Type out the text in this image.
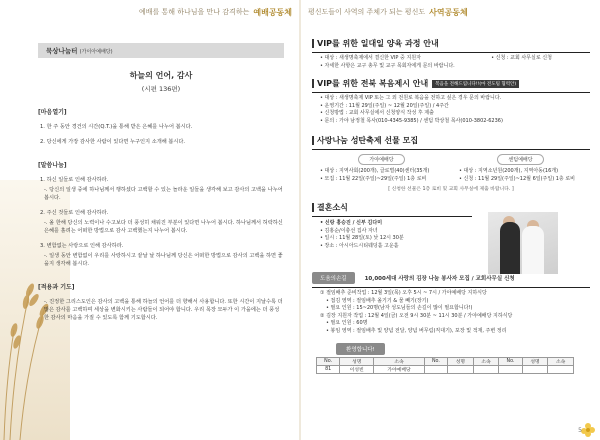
예배를 통해 하나님을 만나 감격하는 예배공동체 평신도들이 사역의 주체가 되는 평신도 사역공동체
묵상나눔터 (가이아예배당)
하늘의 언어, 감사
(시편 136편)
[마음열기]
1. 한 주 동안 경건의 시간(Q.T.)을 통해 받은 은혜를 나누어 봅시다.
2. 당신에게 가장 감사한 사람이 있다면 누구인지 소개해 봅시다.
[말씀나눔]
1. 하신 일들로 인해 감사하라.
-. 당신의 일생 중에 하나님께서 행하셨다 고백할 수 있는 놀라운 일들을 생각해 보고 감사의 고백을 나누어 봅시다.
2. 주신 것들로 인해 감사하라.
-. 올 한해 당신의 노력이나 수고보다 더 풍성히 채워진 부분이 있다면 나누어 봅시다. 하나님께서 허락하신 은혜를 흘려는 어떠한 방법으로 감사 고백했는지 나누어 봅시다.
3. 변함없는 사랑으로 인해 감사하라.
-. 일생 동안 변함없이 우리를 사랑하시고 끝날 날 하나님께 당신은 어떠한 방법으로 감사의 고백을 하면 좋을지 생각해 봅시다.
[적용과 기도]
-. 진정한 그리스도인은 감사의 고백을 통해 하늘의 언어를 더 향해서 사용합니다. 또한 시간이 지날수록 더 많은 감사를 고백하며 세상을 변화시키는 사람들이 되어야 합니다. 우리 목장 모두가 이 가을에는 더 풍성한 감사의 마음을 가질 수 있도록 함께 기도합시다.
VIP를 위한 일대일 양육 과정 안내
• 대상 : 새생명축제에서 결신한 VIP 중 지원자
• 자세한 사항은 교구 총무 및 교구 목회자에게 문의 바랍니다.
• 신청 : 교회 사무실로 신청
VIP를 위한 전북 복음제시 안내	복음을 전해드립니다!!(마 전도팀 협력안)
• 대상 : 새생명축제 VIP 또는 그 외 전원로 복음을 전하고 싶은 경우 문의 바랍니다.
• 운영기간 : 11월 29일(주일) ~ 12월 20일(주일) / 4주간
• 신청방법 : 교회 사무실에서 신청양식 작성 후 제출
• 문의 : 가야 남정철 목사(010-4345-9385) / 센텀 박상철 목사(010-3802-6236)
사랑나눔 성탄축제 선물 모집
가야예배당	센텀예배당
• 대상 : 지역사회(200개), 글로벌(40)센터(35개)
• 모집 : 11월 22일(주일)~29일(주일) 1층 로비
• 대상 : 지역소년원(200개), 지역아동(16개)
• 신청 : 11월 29일(주일)~12월 6일(주일) 1층 로비
[ 신청한 선물은 1층 로비 및 교회 사무실에 제출 바랍니다. ]
결혼소식
• 신랑 홍승진 / 신부 김다미
• 김홍순/이충선 집사 자녀
• 일시 : 11월 28일(토) 낮 12시 30분
• 장소 : 아시아드시티웨딩홀 고운홀
도움의손길	10,000세대 사랑의 김장 나눔 봉사자 모집 / 교회사무실 신청
① 절임배추 준비작업 : 12월 3일(목) 오후 5시 ~ 7시 / 가야예배당 지하식당
• 접김 영역 : 절임배추 올기기 & 물 빼기(장기)
• 필요 인원 : 15~20명(남자 성도님들의 손길이 많이 필요합니다!)
② 김장 지원자 작업 : 12월 4일(금) 오전 9시 30분 ~ 11시 30분 / 가야예배당 지하식당
• 필요 인원 : 60명
• 봉임 영역 : 절임배추 및 양념 전달, 양념 버무림(직대기), 포장 및 적재, 주변 정리
환영합니다!
No.	성명	소속	No.	성명	소속	No.	성명	소속
81	이성빈	가야예배당						
5
